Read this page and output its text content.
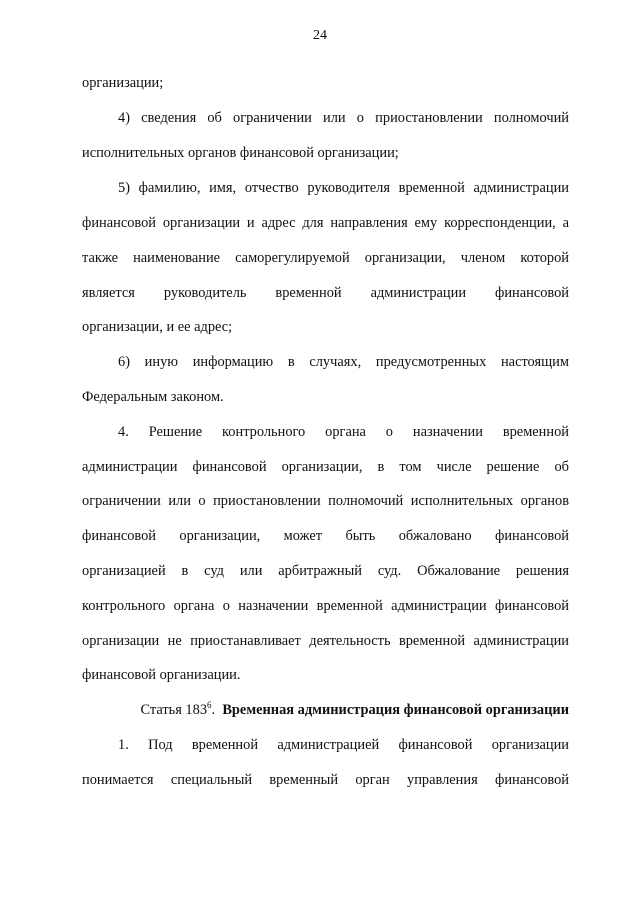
24
организации;
4) сведения об ограничении или о приостановлении полномочий
исполнительных органов финансовой организации;
5) фамилию, имя, отчество руководителя временной администрации
финансовой организации и адрес для направления ему корреспонденции, а
также наименование саморегулируемой организации, членом которой
является руководитель временной администрации финансовой
организации, и ее адрес;
6) иную информацию в случаях, предусмотренных настоящим
Федеральным законом.
4. Решение контрольного органа о назначении временной
администрации финансовой организации, в том числе решение об
ограничении или о приостановлении полномочий исполнительных органов
финансовой организации, может быть обжаловано финансовой
организацией в суд или арбитражный суд. Обжалование решения
контрольного органа о назначении временной администрации финансовой
организации не приостанавливает деятельность временной администрации
финансовой организации.
Статья $183^6$. Временная администрация финансовой организации
1. Под временной администрацией финансовой организации
понимается специальный временный орган управления финансовой
